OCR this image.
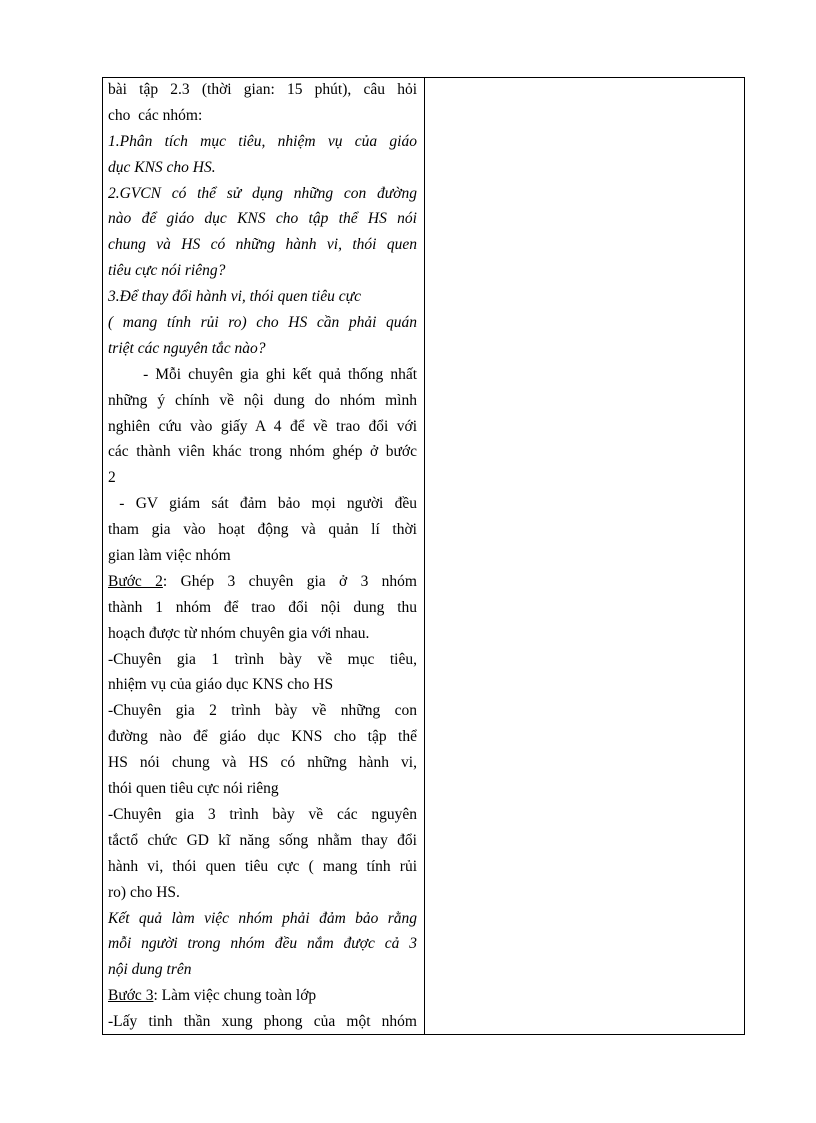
bài tập 2.3 (thời gian: 15 phút), câu hỏi
cho  các nhóm:
1.Phân tích mục tiêu, nhiệm vụ của giáo
dục KNS cho HS.
2.GVCN có thể sử dụng những con đường
nào để giáo dục KNS cho tập thể HS nói
chung và HS có những hành vi, thói quen
tiêu cực nói riêng?
3.Để thay đổi hành vi, thói quen tiêu cực
( mang tính rủi ro) cho HS cần phải quán
triệt các nguyên tắc nào?
- Mỗi chuyên gia ghi kết quả thống nhất
những ý chính về nội dung do nhóm mình
nghiên cứu vào giấy A 4 để về trao đổi với
các thành viên khác trong nhóm ghép ở bước
2
- GV giám sát đảm bảo mọi người đều
tham gia vào hoạt động và quản lí thời
gian làm việc nhóm
Bước 2: Ghép 3 chuyên gia ở 3 nhóm
thành 1 nhóm để trao đổi nội dung thu
hoạch được từ nhóm chuyên gia với nhau.
-Chuyên gia 1 trình bày về mục tiêu,
nhiệm vụ của giáo dục KNS cho HS
-Chuyên gia 2 trình bày về những con
đường nào để giáo dục KNS cho tập thể
HS nói chung và HS có những hành vi,
thói quen tiêu cực nói riêng
-Chuyên gia 3 trình bày về các nguyên
tắctổ chức GD kĩ năng sống nhằm thay đổi
hành vi, thói quen tiêu cực ( mang tính rủi
ro) cho HS.
Kết quả làm việc nhóm phải đảm bảo rằng
mỗi người trong nhóm đều nắm được cả 3
nội dung trên
Bước 3: Làm việc chung toàn lớp
-Lấy tinh thần xung phong của một nhóm
